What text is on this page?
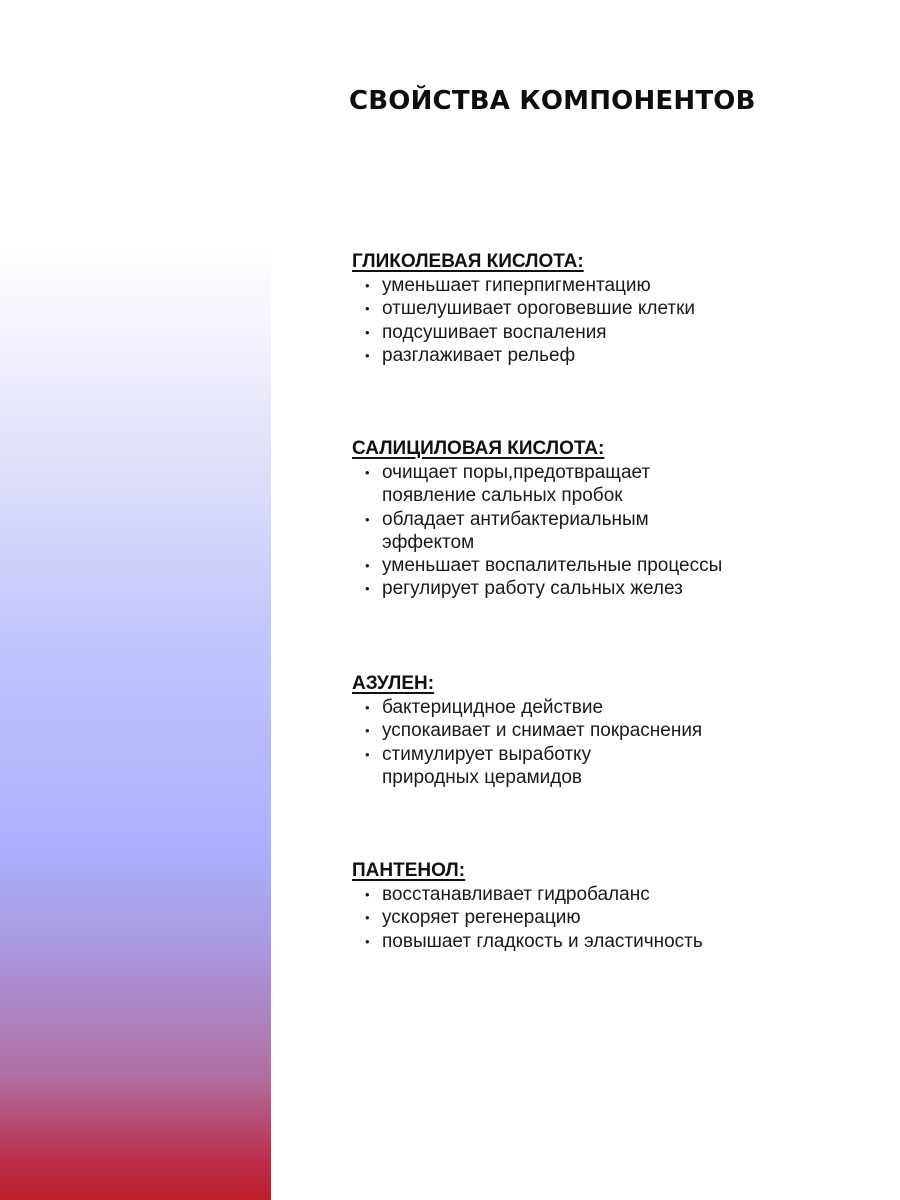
СВОЙСТВА КОМПОНЕНТОВ
ГЛИКОЛЕВАЯ КИСЛОТА:
• уменьшает гиперпигментацию
• отшелушивает ороговевшие клетки
• подсушивает воспаления
• разглаживает рельеф
САЛИЦИЛОВАЯ КИСЛОТА:
• очищает поры,предотвращает
появление сальных пробок
• обладает антибактериальным
эффектом
• уменьшает воспалительные процессы
• регулирует работу сальных желез
АЗУЛЕН:
• бактерицидное действие
• успокаивает и снимает покраснения
• стимулирует выработку
природных церамидов
ПАНТЕНОЛ:
• восстанавливает гидробаланс
• ускоряет регенерацию
• повышает гладкость и эластичность
